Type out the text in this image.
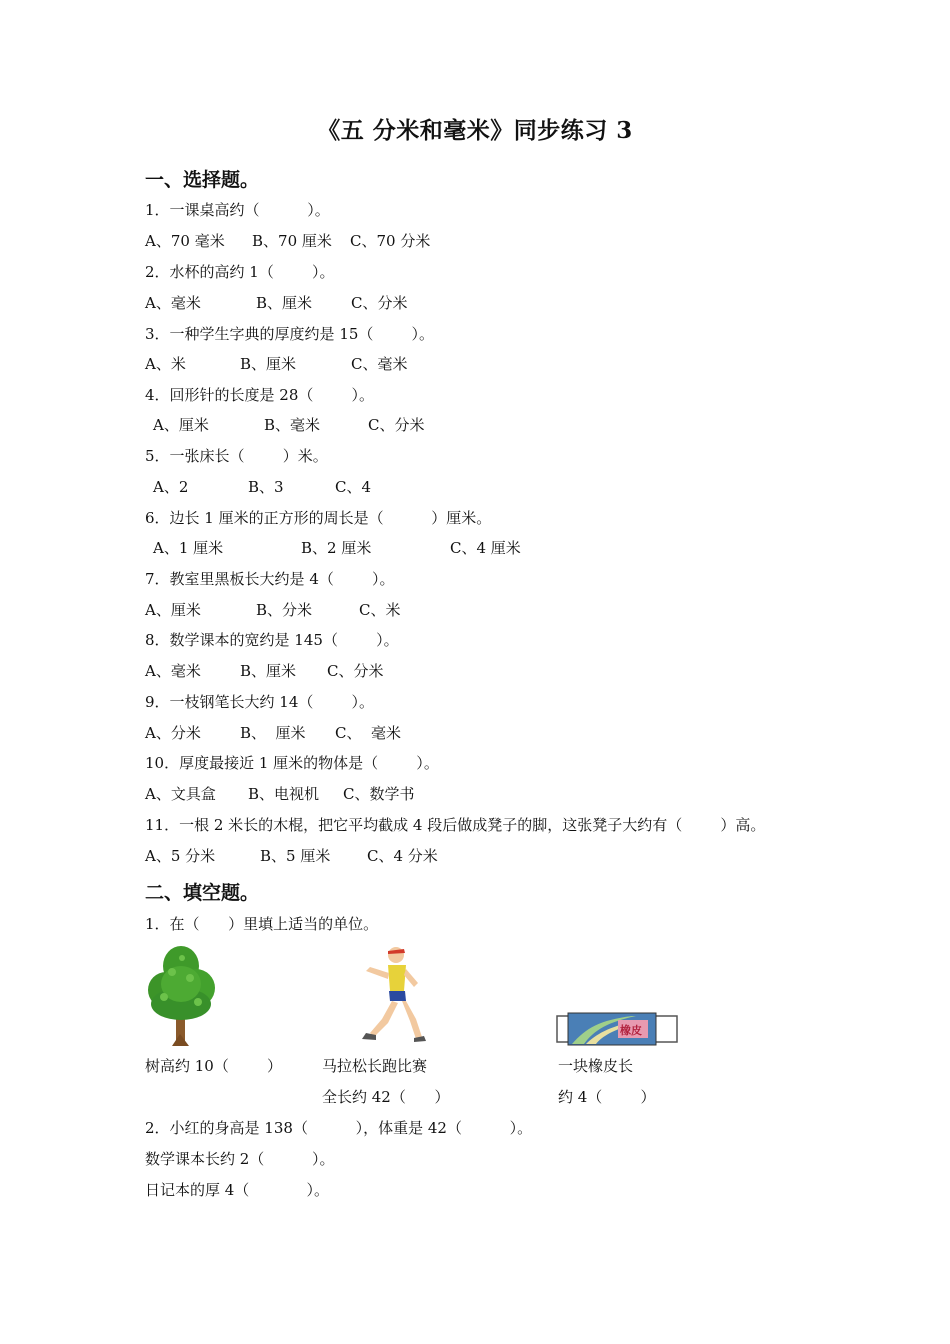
《五 分米和毫米》同步练习 3
一、选择题。
1．一课桌高约（          ）。
A、70 毫米 B、70 厘米 C、70 分米
2．水杯的高约 1（        ）。
A、毫米	B、厘米	C、分米
3．一种学生字典的厚度约是 15（        ）。
A、米	B、厘米	C、毫米
4．回形针的长度是 28（        ）。
A、厘米	B、毫米	C、分米
5．一张床长（        ）米。
A、2	B、3	C、4
6．边长 1 厘米的正方形的周长是（          ）厘米。
A、1 厘米	B、2 厘米	C、4 厘米
7．教室里黑板长大约是 4（        ）。
A、厘米	B、分米	C、米
8．数学课本的宽约是 145（        ）。
A、毫米	B、厘米 C、分米
9．一枝钢笔长大约 14（        ）。
A、分米	B、  厘米 C、  毫米
10．厚度最接近 1 厘米的物体是（        ）。
A、文具盒 B、电视机 C、数学书
11．一根 2 米长的木棍，把它平均截成 4 段后做成凳子的脚，这张凳子大约有（        ）高。
A、5 分米	B、5 厘米 C、4 分米
二、填空题。
1．在（      ）里填上适当的单位。
橡皮
树高约 10（        ）	马拉松长跑比赛
全长约 42（      ）
一块橡皮长
约 4（        ）
2．小红的身高是 138（          ），体重是 42（          ）。
数学课本长约 2（          ）。
日记本的厚 4（            ）。
